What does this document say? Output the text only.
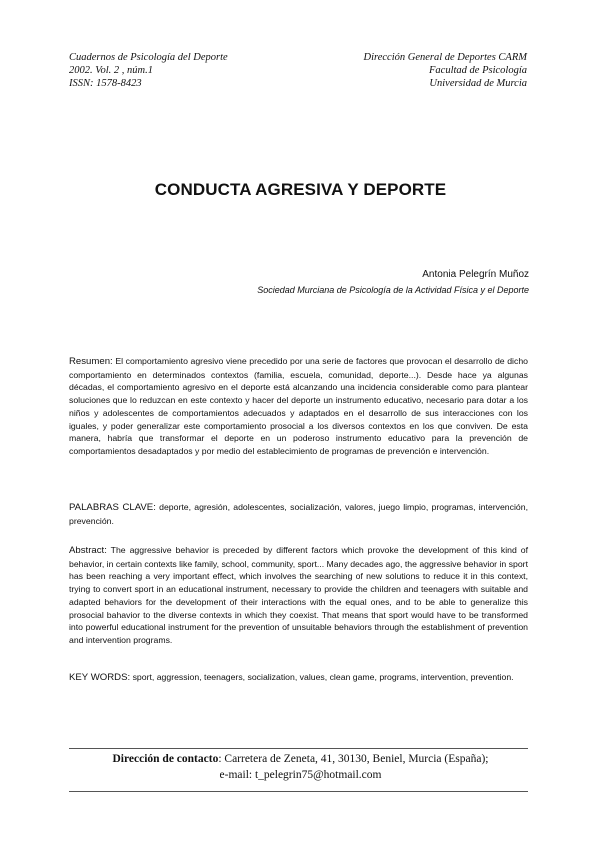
Cuadernos de Psicología del Deporte
2002. Vol. 2 , núm.1
ISSN: 1578-8423
Dirección General de Deportes CARM
Facultad de Psicología
Universidad de Murcia
CONDUCTA AGRESIVA Y DEPORTE
Antonia Pelegrín Muñoz
Sociedad Murciana de Psicología de la Actividad Física y el Deporte
Resumen: El comportamiento agresivo viene precedido por una serie de factores que provocan el desarrollo de dicho comportamiento en determinados contextos (familia, escuela, comunidad, deporte...). Desde hace ya algunas décadas, el comportamiento agresivo en el deporte está alcanzando una incidencia considerable como para plantear soluciones que lo reduzcan en este contexto y hacer del deporte un instrumento educativo, necesario para dotar a los niños y adolescentes de comportamientos adecuados y adaptados en el desarrollo de sus interacciones con los iguales, y poder generalizar este comportamiento prosocial a los diversos contextos en los que conviven. De esta manera, habría que transformar el deporte en un poderoso instrumento educativo para la prevención de comportamientos desadaptados y por medio del establecimiento de programas de prevención e intervención.
PALABRAS CLAVE: deporte, agresión, adolescentes, socialización, valores, juego limpio, programas, intervención, prevención.
Abstract: The aggressive behavior is preceded by different factors which provoke the development of this kind of behavior, in certain contexts like family, school, community, sport... Many decades ago, the aggressive behavior in sport has been reaching a very important effect, which involves the searching of new solutions to reduce it in this context, trying to convert sport in an educational instrument, necessary to provide the children and teenagers with suitable and adapted behaviors for the development of their interactions with the equal ones, and to be able to generalize this prosocial bahavior to the diverse contexts in which they coexist. That means that sport would have to be transformed into powerful educational instrument for the prevention of unsuitable behaviors through the establishment of prevention and intervention programs.
KEY WORDS: sport, aggression, teenagers, socialization, values, clean game, programs, intervention, prevention.
Dirección de contacto: Carretera de Zeneta, 41, 30130, Beniel, Murcia (España);
e-mail: t_pelegrin75@hotmail.com
